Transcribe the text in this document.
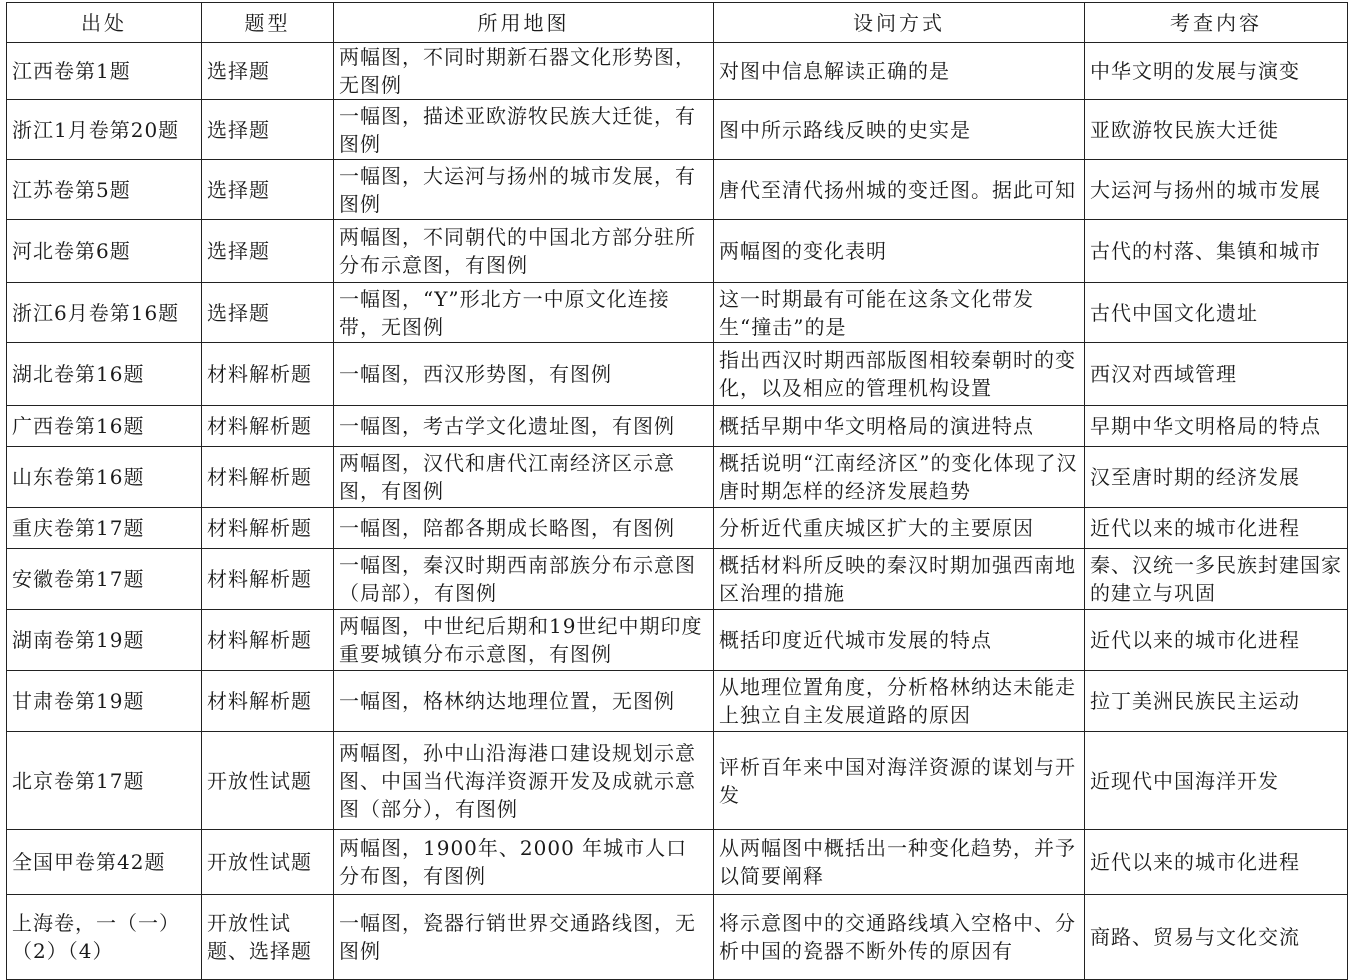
出处	题型	所用地图	设问方式	考查内容
江西卷第1题	选择题	两幅图，不同时期新石器文化形势图，无图例	对图中信息解读正确的是	中华文明的发展与演变
浙江1月卷第20题	选择题	一幅图，描述亚欧游牧民族大迁徙，有图例	图中所示路线反映的史实是	亚欧游牧民族大迁徙
江苏卷第5题	选择题	一幅图，大运河与扬州的城市发展，有图例	唐代至清代扬州城的变迁图。据此可知	大运河与扬州的城市发展
河北卷第6题	选择题	两幅图，不同朝代的中国北方部分驻所分布示意图，有图例	两幅图的变化表明	古代的村落、集镇和城市
浙江6月卷第16题	选择题	一幅图，“Y”形北方一中原文化连接带，无图例	这一时期最有可能在这条文化带发生“撞击”的是	古代中国文化遗址
湖北卷第16题	材料解析题	一幅图，西汉形势图，有图例	指出西汉时期西部版图相较秦朝时的变化，以及相应的管理机构设置	西汉对西域管理
广西卷第16题	材料解析题	一幅图，考古学文化遗址图，有图例	概括早期中华文明格局的演进特点	早期中华文明格局的特点
山东卷第16题	材料解析题	两幅图，汉代和唐代江南经济区示意图，有图例	概括说明“江南经济区”的变化体现了汉唐时期怎样的经济发展趋势	汉至唐时期的经济发展
重庆卷第17题	材料解析题	一幅图，陪都各期成长略图，有图例	分析近代重庆城区扩大的主要原因	近代以来的城市化进程
安徽卷第17题	材料解析题	一幅图，秦汉时期西南部族分布示意图（局部），有图例	概括材料所反映的秦汉时期加强西南地区治理的措施	秦、汉统一多民族封建国家的建立与巩固
湖南卷第19题	材料解析题	两幅图，中世纪后期和19世纪中期印度重要城镇分布示意图，有图例	概括印度近代城市发展的特点	近代以来的城市化进程
甘肃卷第19题	材料解析题	一幅图，格林纳达地理位置，无图例	从地理位置角度，分析格林纳达未能走上独立自主发展道路的原因	拉丁美洲民族民主运动
北京卷第17题	开放性试题	两幅图，孙中山沿海港口建设规划示意图、中国当代海洋资源开发及成就示意图（部分），有图例	评析百年来中国对海洋资源的谋划与开发	近现代中国海洋开发
全国甲卷第42题	开放性试题	两幅图，1900年、2000 年城市人口分布图，有图例	从两幅图中概括出一种变化趋势，并予以简要阐释	近代以来的城市化进程
上海卷，一（一）（2）（4）	开放性试题、选择题	一幅图，瓷器行销世界交通路线图，无图例	将示意图中的交通路线填入空格中、分析中国的瓷器不断外传的原因有	商路、贸易与文化交流
